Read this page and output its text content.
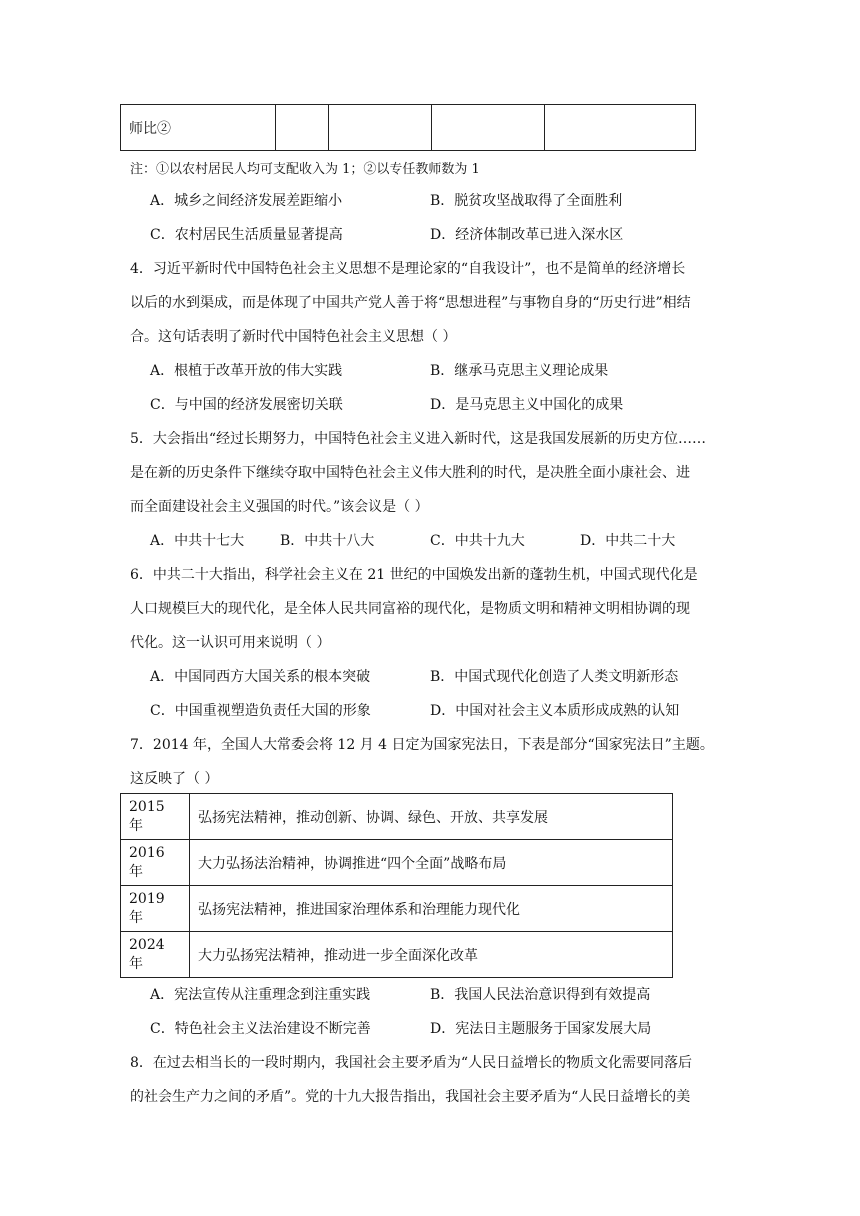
师比②				
注：①以农村居民人均可支配收入为 1；②以专任教师数为 1
A．城乡之间经济发展差距缩小	B．脱贫攻坚战取得了全面胜利
C．农村居民生活质量显著提高	D．经济体制改革已进入深水区
4．习近平新时代中国特色社会主义思想不是理论家的“自我设计”，也不是简单的经济增长
以后的水到渠成，而是体现了中国共产党人善于将“思想进程”与事物自身的“历史行进”相结
合。这句话表明了新时代中国特色社会主义思想（ ）
A．根植于改革开放的伟大实践	B．继承马克思主义理论成果
C．与中国的经济发展密切关联	D．是马克思主义中国化的成果
5．大会指出“经过长期努力，中国特色社会主义进入新时代，这是我国发展新的历史方位……
是在新的历史条件下继续夺取中国特色社会主义伟大胜利的时代，是决胜全面小康社会、进
而全面建设社会主义强国的时代。”该会议是（ ）
A．中共十七大	B．中共十八大	C．中共十九大	D．中共二十大
6．中共二十大指出，科学社会主义在 21 世纪的中国焕发出新的蓬勃生机，中国式现代化是
人口规模巨大的现代化，是全体人民共同富裕的现代化，是物质文明和精神文明相协调的现
代化。这一认识可用来说明（ ）
A．中国同西方大国关系的根本突破	B．中国式现代化创造了人类文明新形态
C．中国重视塑造负责任大国的形象	D．中国对社会主义本质形成成熟的认知
7．2014 年，全国人大常委会将 12 月 4 日定为国家宪法日，下表是部分“国家宪法日”主题。
这反映了（ ）
2015 年	弘扬宪法精神，推动创新、协调、绿色、开放、共享发展
2016 年	大力弘扬法治精神，协调推进“四个全面”战略布局
2019 年	弘扬宪法精神，推进国家治理体系和治理能力现代化
2024 年	大力弘扬宪法精神，推动进一步全面深化改革
A．宪法宣传从注重理念到注重实践	B．我国人民法治意识得到有效提高
C．特色社会主义法治建设不断完善	D．宪法日主题服务于国家发展大局
8．在过去相当长的一段时期内，我国社会主要矛盾为“人民日益增长的物质文化需要同落后
的社会生产力之间的矛盾”。党的十九大报告指出，我国社会主要矛盾为“人民日益增长的美
